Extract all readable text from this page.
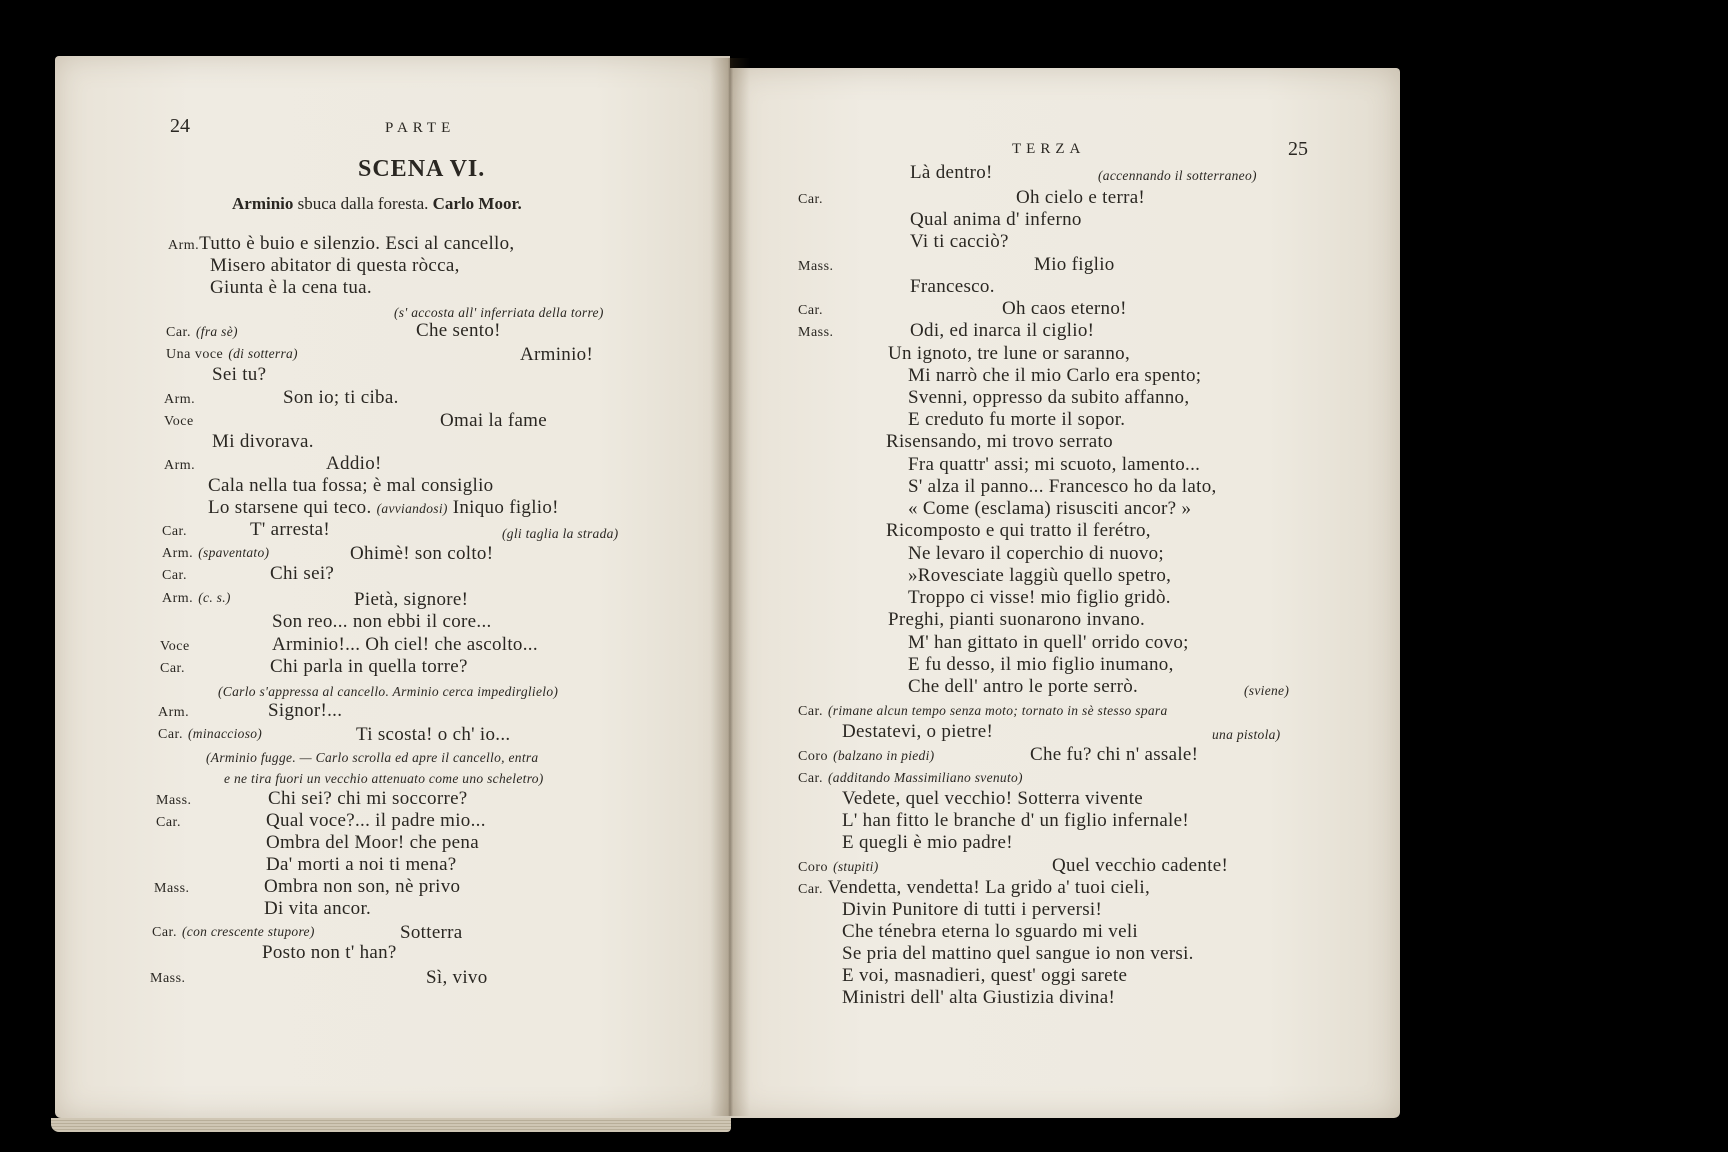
24	PARTE
SCENA VI.
Arminio sbuca dalla foresta. Carlo Moor.
Arm.Tutto è buio e silenzio. Esci al cancello,
Misero abitator di questa ròcca,
Giunta è la cena tua.
(s' accosta all' inferriata della torre)
Car. (fra sè)	Che sento!
Una voce (di sotterra)	Arminio!
Sei tu?
Arm.	Son io; ti ciba.
Voce	Omai la fame
Mi divorava.
Arm.	Addio!
Cala nella tua fossa; è mal consiglio
Lo starsene qui teco. (avviandosi) Iniquo figlio!
Car.	T' arresta!	(gli taglia la strada)
Arm. (spaventato)	Ohimè! son colto!
Car.	Chi sei?
Arm. (c. s.)	Pietà, signore!
Son reo... non ebbi il core...
Voce	Arminio!... Oh ciel! che ascolto...
Car.	Chi parla in quella torre?
(Carlo s'appressa al cancello. Arminio cerca impedirglielo)
Arm.	Signor!...
Car. (minaccioso)	Ti scosta! o ch' io...
(Arminio fugge. — Carlo scrolla ed apre il cancello, entra
e ne tira fuori un vecchio attenuato come uno scheletro)
Mass.	Chi sei? chi mi soccorre?
Car.	Qual voce?... il padre mio...
Ombra del Moor! che pena
Da' morti a noi ti mena?
Mass.	Ombra non son, nè privo
Di vita ancor.
Car. (con crescente stupore)	Sotterra
Posto non t' han?
Mass.	Sì, vivo
TERZA	25
Là dentro!	(accennando il sotterraneo)
Car.	Oh cielo e terra!
Qual anima d' inferno
Vi ti cacciò?
Mass.	Mio figlio
Francesco.
Car.	Oh caos eterno!
Mass.	Odi, ed inarca il ciglio!
Un ignoto, tre lune or saranno,
Mi narrò che il mio Carlo era spento;
Svenni, oppresso da subito affanno,
E creduto fu morte il sopor.
Risensando, mi trovo serrato
Fra quattr' assi; mi scuoto, lamento...
S' alza il panno... Francesco ho da lato,
« Come (esclama) risusciti ancor? »
Ricomposto e qui tratto il ferétro,
Ne levaro il coperchio di nuovo;
»Rovesciate laggiù quello spetro,
Troppo ci visse! mio figlio gridò.
Preghi, pianti suonarono invano.
M' han gittato in quell' orrido covo;
E fu desso, il mio figlio inumano,
Che dell' antro le porte serrò.	(sviene)
Car. (rimane alcun tempo senza moto; tornato in sè stesso spara
Destatevi, o pietre!	una pistola)
Coro (balzano in piedi)	Che fu? chi n' assale!
Car. (additando Massimiliano svenuto)
Vedete, quel vecchio! Sotterra vivente
L' han fitto le branche d' un figlio infernale!
E quegli è mio padre!
Coro (stupiti)	Quel vecchio cadente!
Car. Vendetta, vendetta! La grido a' tuoi cieli,
Divin Punitore di tutti i perversi!
Che ténebra eterna lo sguardo mi veli
Se pria del mattino quel sangue io non versi.
E voi, masnadieri, quest' oggi sarete
Ministri dell' alta Giustizia divina!
